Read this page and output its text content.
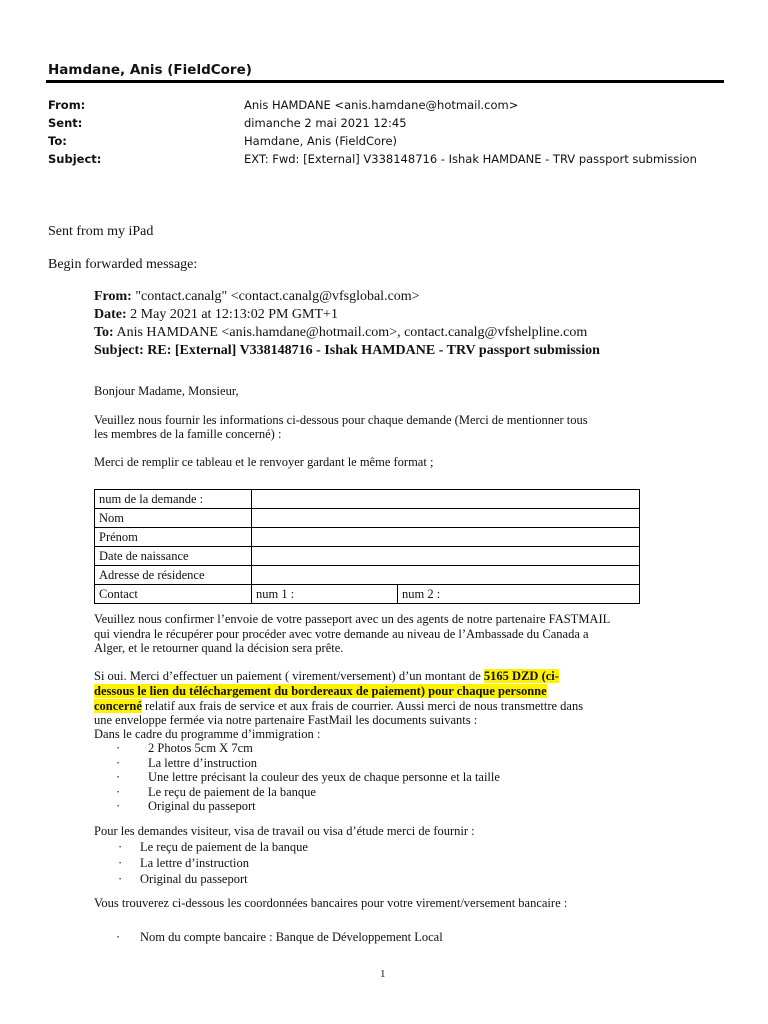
Hamdane, Anis (FieldCore)
From:	Anis HAMDANE <anis.hamdane@hotmail.com>
Sent:	dimanche 2 mai 2021 12:45
To:	Hamdane, Anis (FieldCore)
Subject:	EXT: Fwd: [External] V338148716 - Ishak HAMDANE - TRV passport submission
Sent from my iPad
Begin forwarded message:
From: "contact.canalg" <contact.canalg@vfsglobal.com>
Date: 2 May 2021 at 12:13:02 PM GMT+1
To: Anis HAMDANE <anis.hamdane@hotmail.com>, contact.canalg@vfshelpline.com
Subject: RE: [External] V338148716 - Ishak HAMDANE - TRV passport submission
Bonjour Madame, Monsieur,
Veuillez nous fournir les informations ci-dessous pour chaque demande (Merci de mentionner tous
les membres de la famille concerné) :
Merci de remplir ce tableau et le renvoyer gardant le même format ;
num de la demande :		
Nom		
Prénom		
Date de naissance		
Adresse de résidence		
Contact	num 1 :	num 2 :
Veuillez nous confirmer l’envoie de votre passeport avec un des agents de notre partenaire FASTMAIL
qui viendra le récupérer pour procéder avec votre demande au niveau de l’Ambassade du Canada a
Alger, et le retourner quand la décision sera prête.
Si oui. Merci d’effectuer un paiement ( virement/versement) d’un montant de 5165 DZD (ci-
dessous le lien du téléchargement du bordereaux de paiement) pour chaque personne
concerné relatif aux frais de service et aux frais de courrier. Aussi merci de nous transmettre dans
une enveloppe fermée via notre partenaire FastMail les documents suivants :
Dans le cadre du programme d’immigration :
· 2 Photos 5cm X 7cm
· La lettre d’instruction
· Une lettre précisant la couleur des yeux de chaque personne et la taille
· Le reçu de paiement de la banque
· Original du passeport
Pour les demandes visiteur, visa de travail ou visa d’étude merci de fournir :
· Le reçu de paiement de la banque
· La lettre d’instruction
· Original du passeport
Vous trouverez ci-dessous les coordonnées bancaires pour votre virement/versement bancaire :
· Nom du compte bancaire : Banque de Développement Local
1
